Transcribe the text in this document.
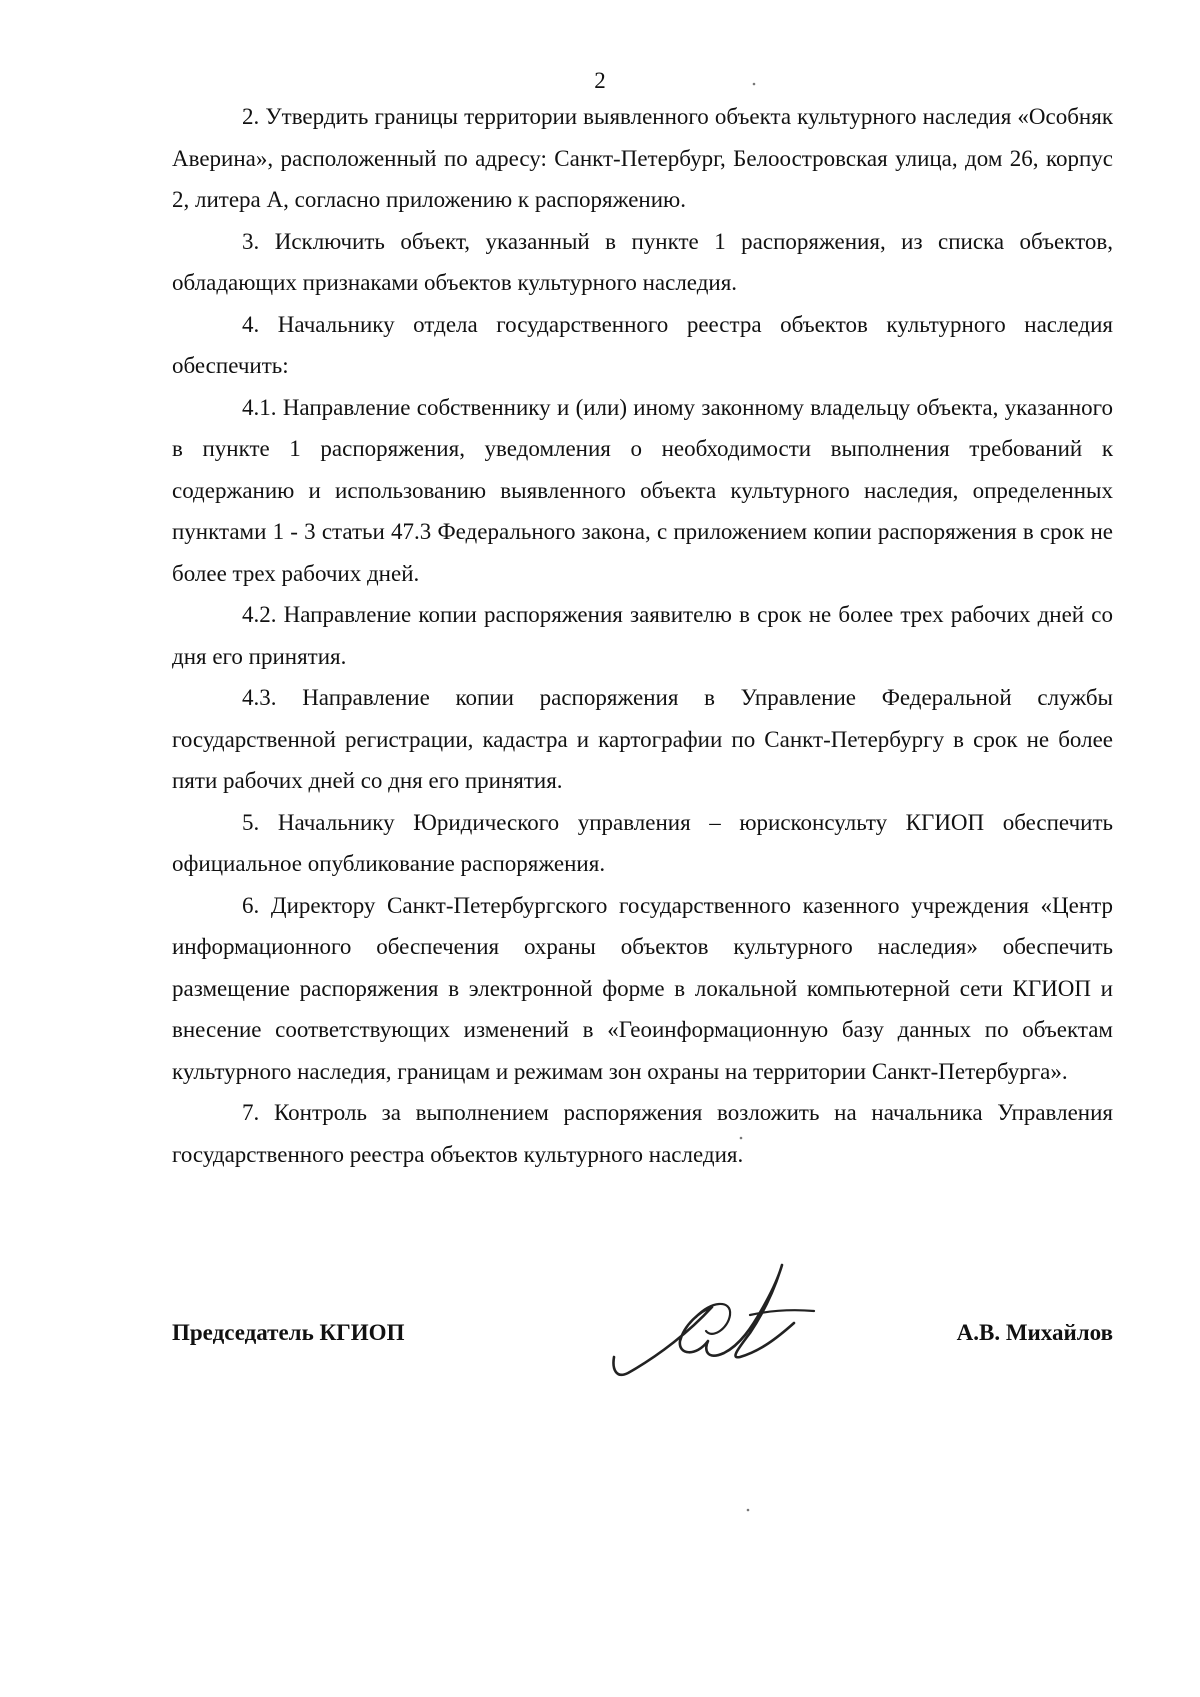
2

2. Утвердить границы территории выявленного объекта культурного наследия «Особняк Аверина», расположенный по адресу: Санкт-Петербург, Белоостровская улица, дом 26, корпус 2, литера А, согласно приложению к распоряжению.

3. Исключить объект, указанный в пункте 1 распоряжения, из списка объектов, обладающих признаками объектов культурного наследия.

4. Начальнику отдела государственного реестра объектов культурного наследия обеспечить:

4.1. Направление собственнику и (или) иному законному владельцу объекта, указанного в пункте 1 распоряжения, уведомления о необходимости выполнения требований к содержанию и использованию выявленного объекта культурного наследия, определенных пунктами 1 - 3 статьи 47.3 Федерального закона, с приложением копии распоряжения в срок не более трех рабочих дней.

4.2. Направление копии распоряжения заявителю в срок не более трех рабочих дней со дня его принятия.

4.3. Направление копии распоряжения в Управление Федеральной службы государственной регистрации, кадастра и картографии по Санкт-Петербургу в срок не более пяти рабочих дней со дня его принятия.

5. Начальнику Юридического управления – юрисконсульту КГИОП обеспечить официальное опубликование распоряжения.

6. Директору Санкт-Петербургского государственного казенного учреждения «Центр информационного обеспечения охраны объектов культурного наследия» обеспечить размещение распоряжения в электронной форме в локальной компьютерной сети КГИОП и внесение соответствующих изменений в «Геоинформационную базу данных по объектам культурного наследия, границам и режимам зон охраны на территории Санкт-Петербурга».

7. Контроль за выполнением распоряжения возложить на начальника Управления государственного реестра объектов культурного наследия.

Председатель КГИОП	А.В. Михайлов
